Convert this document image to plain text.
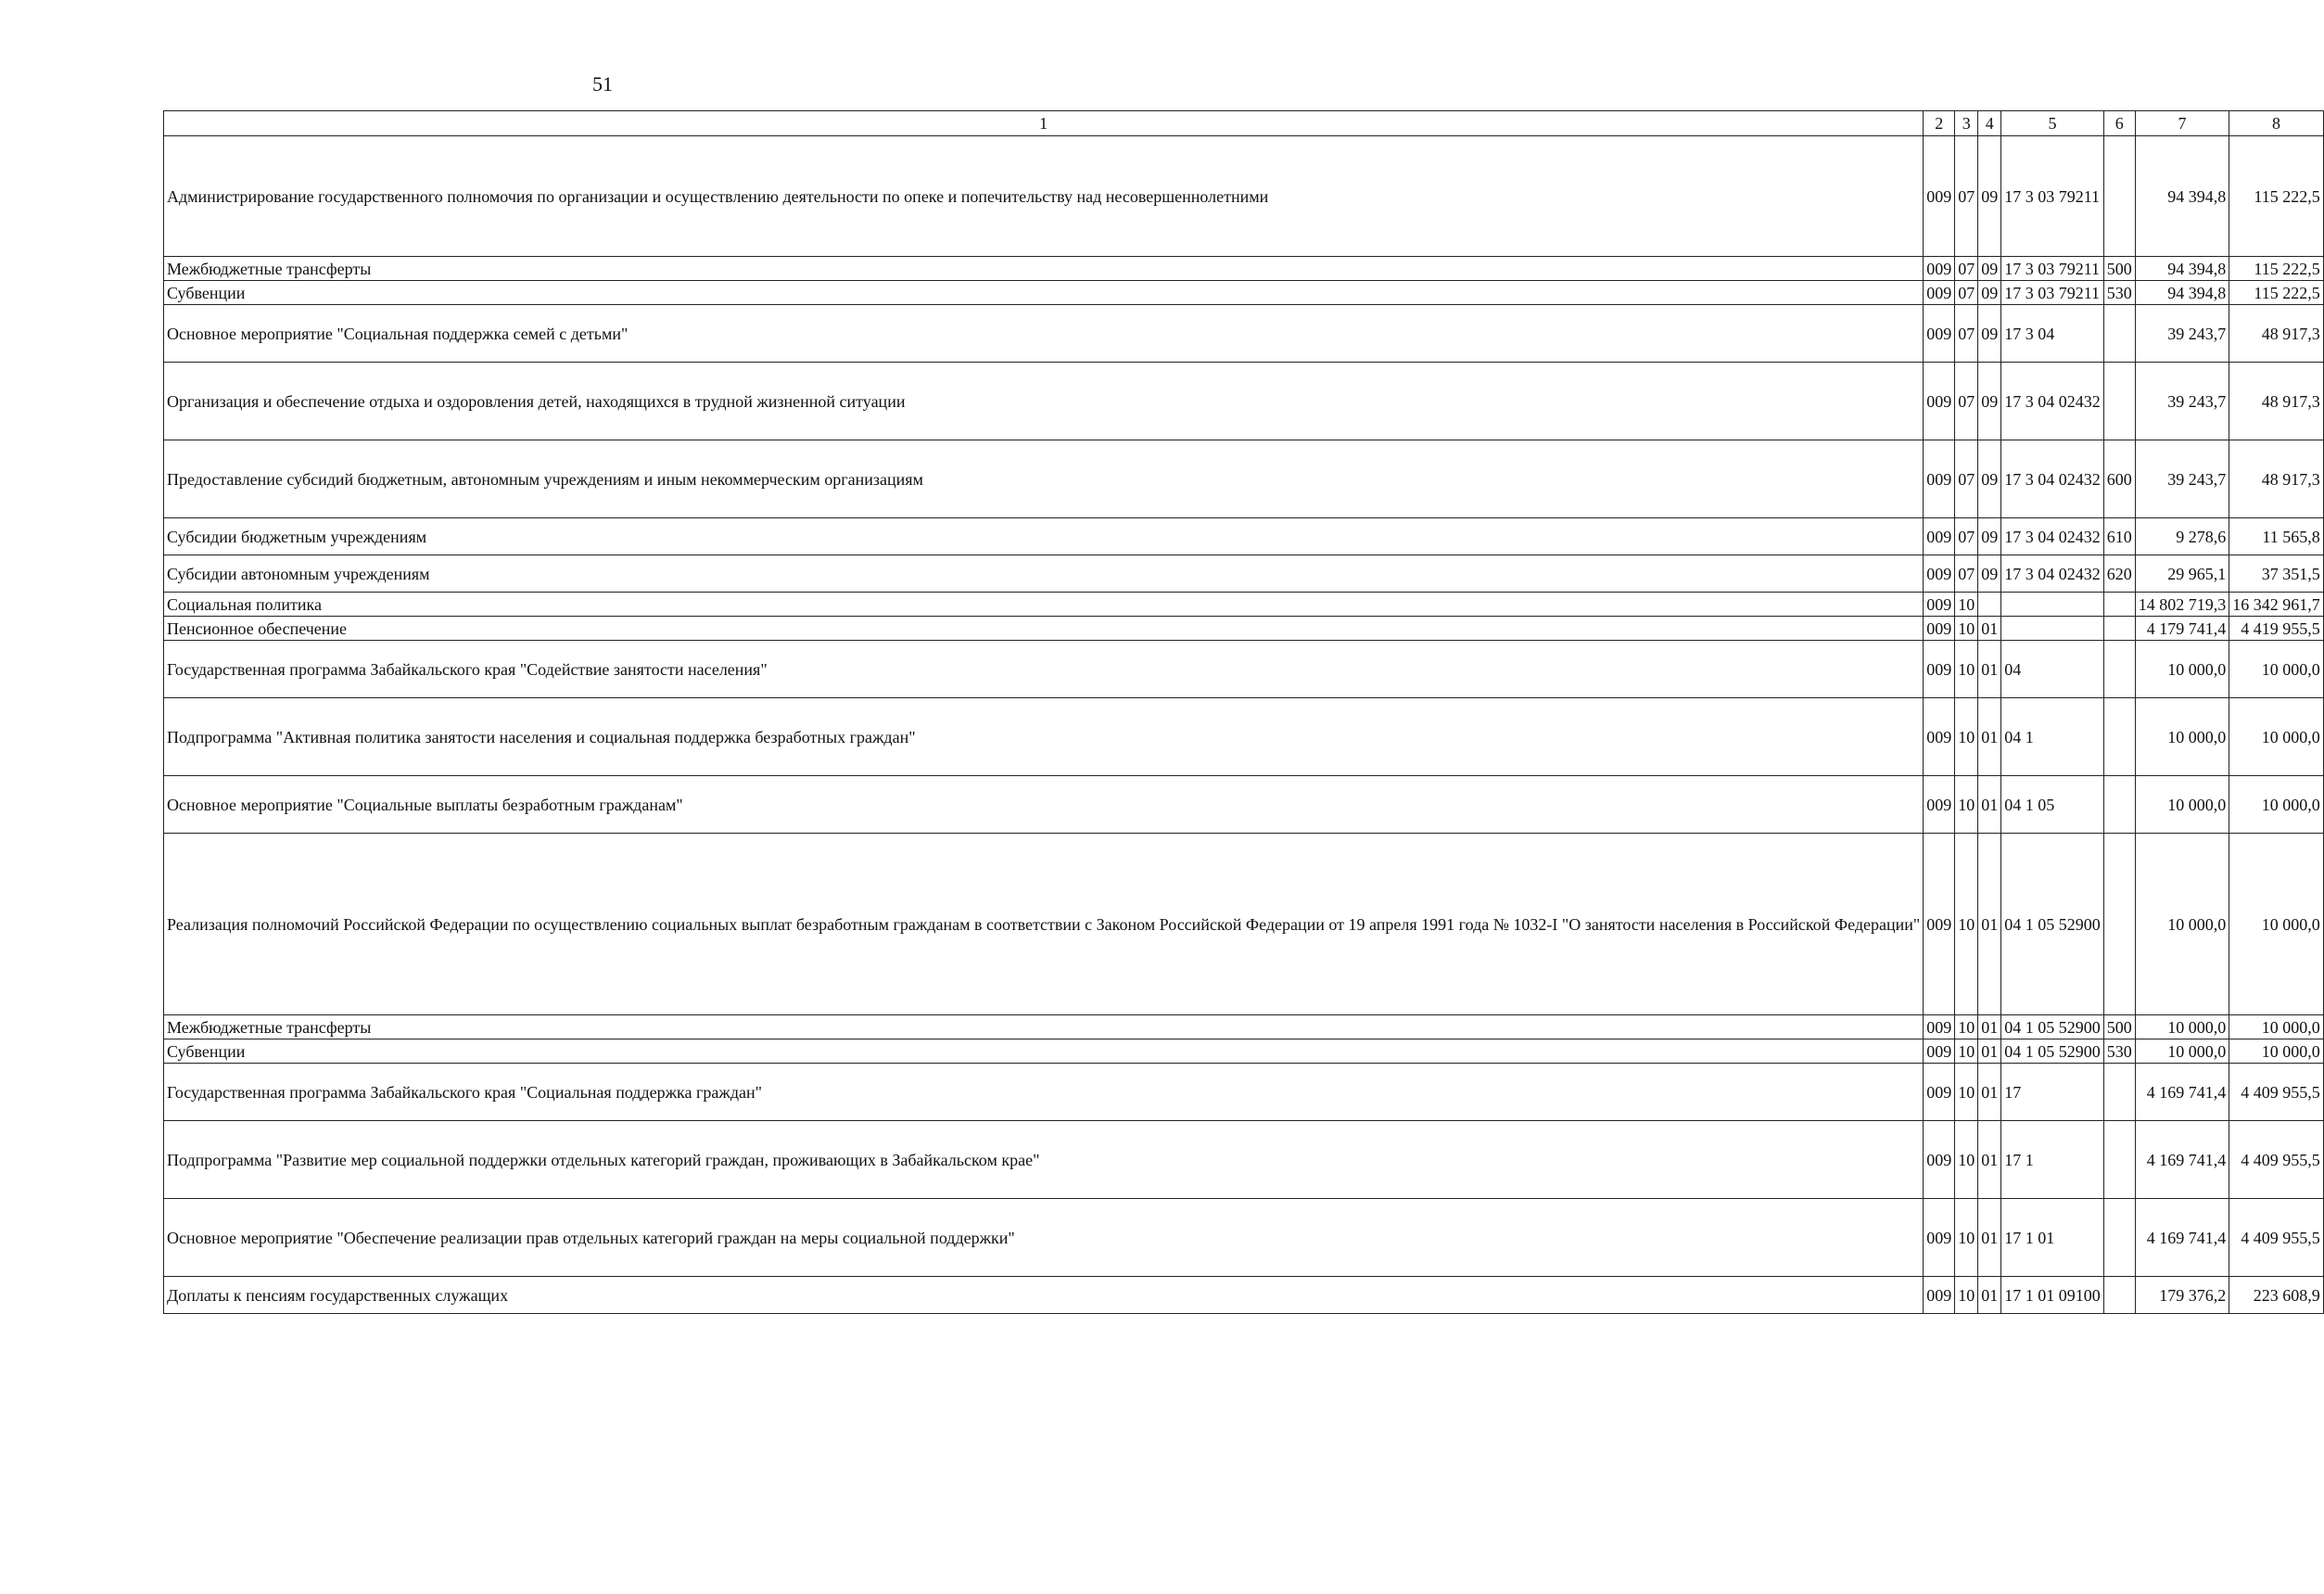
51
1	2	3	4	5	6	7	8
Администрирование государственного полномочия по организации и осуществлению деятельности по опеке и попечительству над несовершеннолетними	009	07	09	17 3 03 79211		94 394,8	115 222,5
Межбюджетные трансферты	009	07	09	17 3 03 79211	500	94 394,8	115 222,5
Субвенции	009	07	09	17 3 03 79211	530	94 394,8	115 222,5
Основное мероприятие "Социальная поддержка семей с детьми"	009	07	09	17 3 04		39 243,7	48 917,3
Организация и обеспечение отдыха и оздоровления детей, находящихся в трудной жизненной ситуации	009	07	09	17 3 04 02432		39 243,7	48 917,3
Предоставление субсидий бюджетным, автономным учреждениям и иным некоммерческим организациям	009	07	09	17 3 04 02432	600	39 243,7	48 917,3
Субсидии бюджетным учреждениям	009	07	09	17 3 04 02432	610	9 278,6	11 565,8
Субсидии автономным учреждениям	009	07	09	17 3 04 02432	620	29 965,1	37 351,5
Социальная политика	009	10				14 802 719,3	16 342 961,7
Пенсионное обеспечение	009	10	01			4 179 741,4	4 419 955,5
Государственная программа Забайкальского края "Содействие занятости населения"	009	10	01	04		10 000,0	10 000,0
Подпрограмма "Активная политика занятости населения и социальная поддержка безработных граждан"	009	10	01	04 1		10 000,0	10 000,0
Основное мероприятие "Социальные выплаты безработным гражданам"	009	10	01	04 1 05		10 000,0	10 000,0
Реализация полномочий Российской Федерации по осуществлению социальных выплат безработным гражданам в соответствии с Законом Российской Федерации от 19 апреля 1991 года № 1032-I "О занятости населения в Российской Федерации"	009	10	01	04 1 05 52900		10 000,0	10 000,0
Межбюджетные трансферты	009	10	01	04 1 05 52900	500	10 000,0	10 000,0
Субвенции	009	10	01	04 1 05 52900	530	10 000,0	10 000,0
Государственная программа Забайкальского края "Социальная поддержка граждан"	009	10	01	17		4 169 741,4	4 409 955,5
Подпрограмма "Развитие мер социальной поддержки отдельных категорий граждан, проживающих в Забайкальском крае"	009	10	01	17 1		4 169 741,4	4 409 955,5
Основное мероприятие "Обеспечение реализации прав отдельных категорий граждан на меры социальной поддержки"	009	10	01	17 1 01		4 169 741,4	4 409 955,5
Доплаты к пенсиям государственных служащих	009	10	01	17 1 01 09100		179 376,2	223 608,9
